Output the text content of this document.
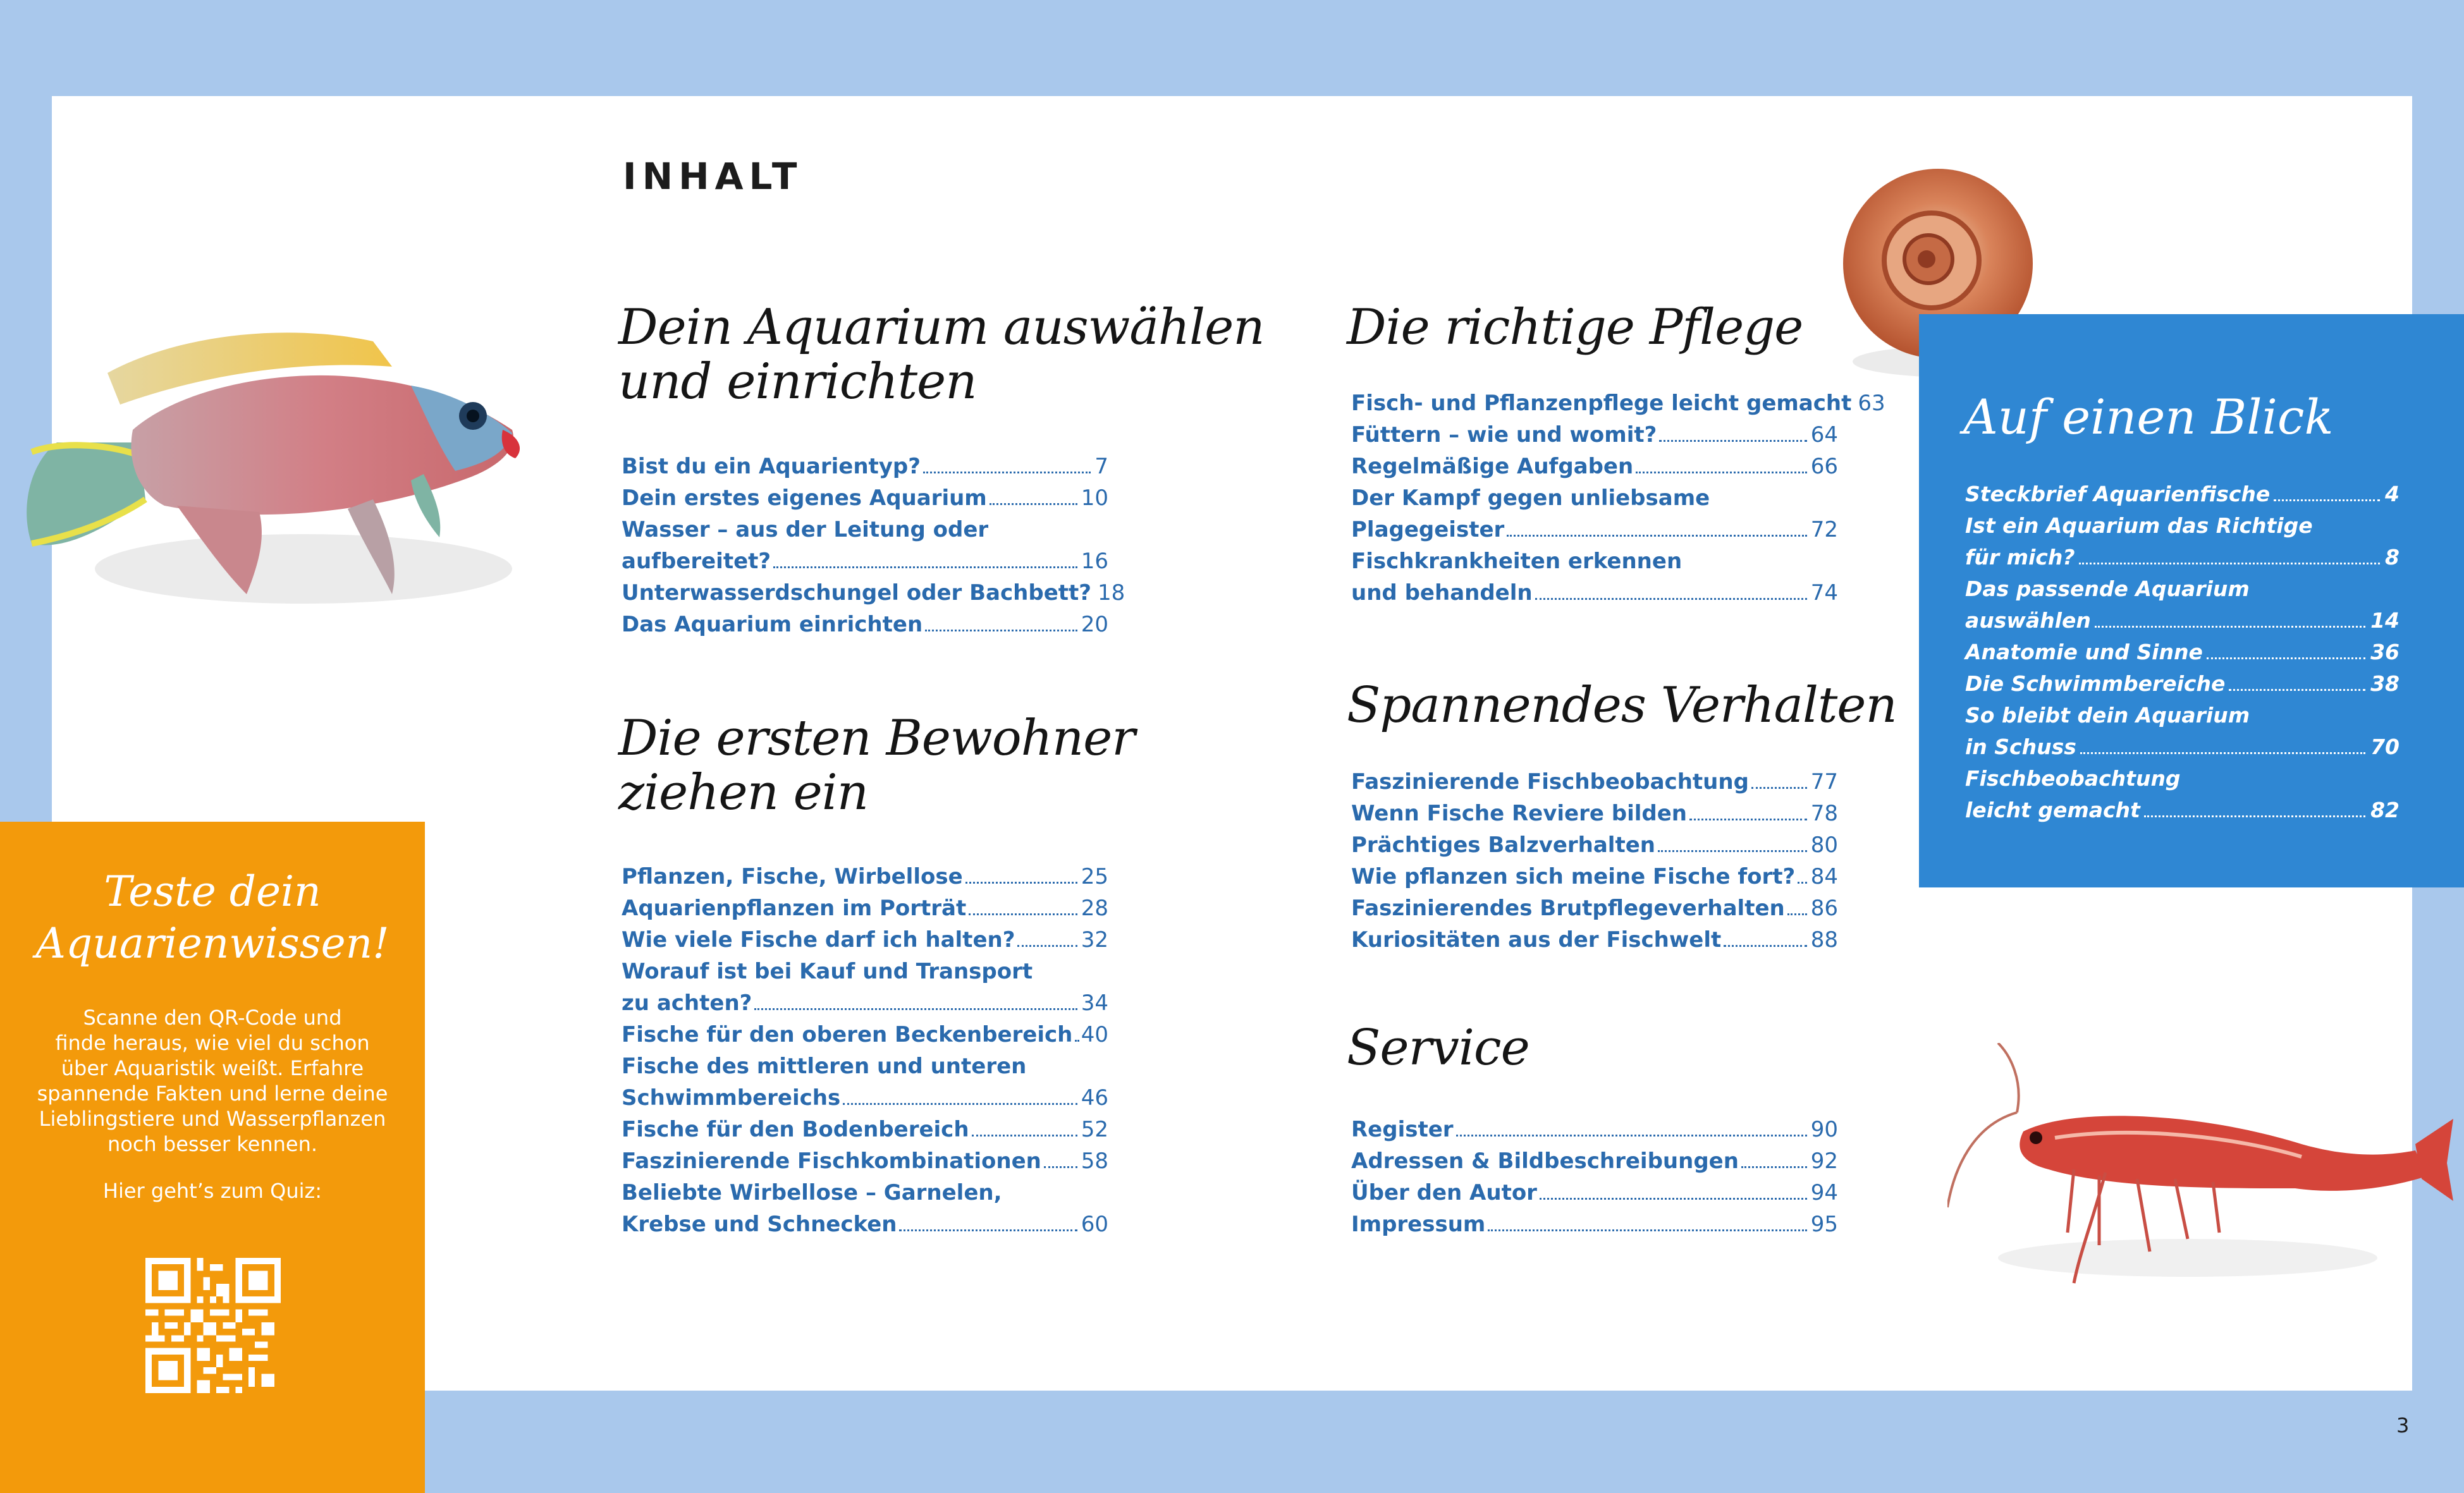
INHALT
Dein Aquarium auswählen
und einrichten
Bist du ein Aquarientyp?	7
Dein erstes eigenes Aquarium	10
Wasser – aus der Leitung oder
aufbereitet?	16
Unterwasserdschungel oder Bachbett? 18
Das Aquarium einrichten	20
Die ersten Bewohner
ziehen ein
Pflanzen, Fische, Wirbellose	25
Aquarienpflanzen im Porträt	28
Wie viele Fische darf ich halten?	32
Worauf ist bei Kauf und Transport
zu achten?	34
Fische für den oberen Beckenbereich 40
Fische des mittleren und unteren
Schwimmbereichs	46
Fische für den Bodenbereich	52
Faszinierende Fischkombinationen 58
Beliebte Wirbellose – Garnelen,
Krebse und Schnecken	60
Die richtige Pflege
Fisch- und Pflanzenpflege leicht gemacht 63
Füttern – wie und womit?	64
Regelmäßige Aufgaben	66
Der Kampf gegen unliebsame
Plagegeister	72
Fischkrankheiten erkennen
und behandeln	74
Spannendes Verhalten
Faszinierende Fischbeobachtung	77
Wenn Fische Reviere bilden	78
Prächtiges Balzverhalten	80
Wie pflanzen sich meine Fische fort? 84
Faszinierendes Brutpflegeverhalten 86
Kuriositäten aus der Fischwelt	88
Service
Register	90
Adressen & Bildbeschreibungen	92
Über den Autor	94
Impressum	95
Auf einen Blick
Steckbrief Aquarienfische	4
Ist ein Aquarium das Richtige
für mich?	8
Das passende Aquarium
auswählen	14
Anatomie und Sinne	36
Die Schwimmbereiche	38
So bleibt dein Aquarium
in Schuss	70
Fischbeobachtung
leicht gemacht	82
Teste dein
Aquarienwissen!
Scanne den QR-Code und
finde heraus, wie viel du schon
über Aquaristik weißt. Erfahre
spannende Fakten und lerne deine
Lieblingstiere und Wasserpflanzen
noch besser kennen.
Hier geht’s zum Quiz:
3
